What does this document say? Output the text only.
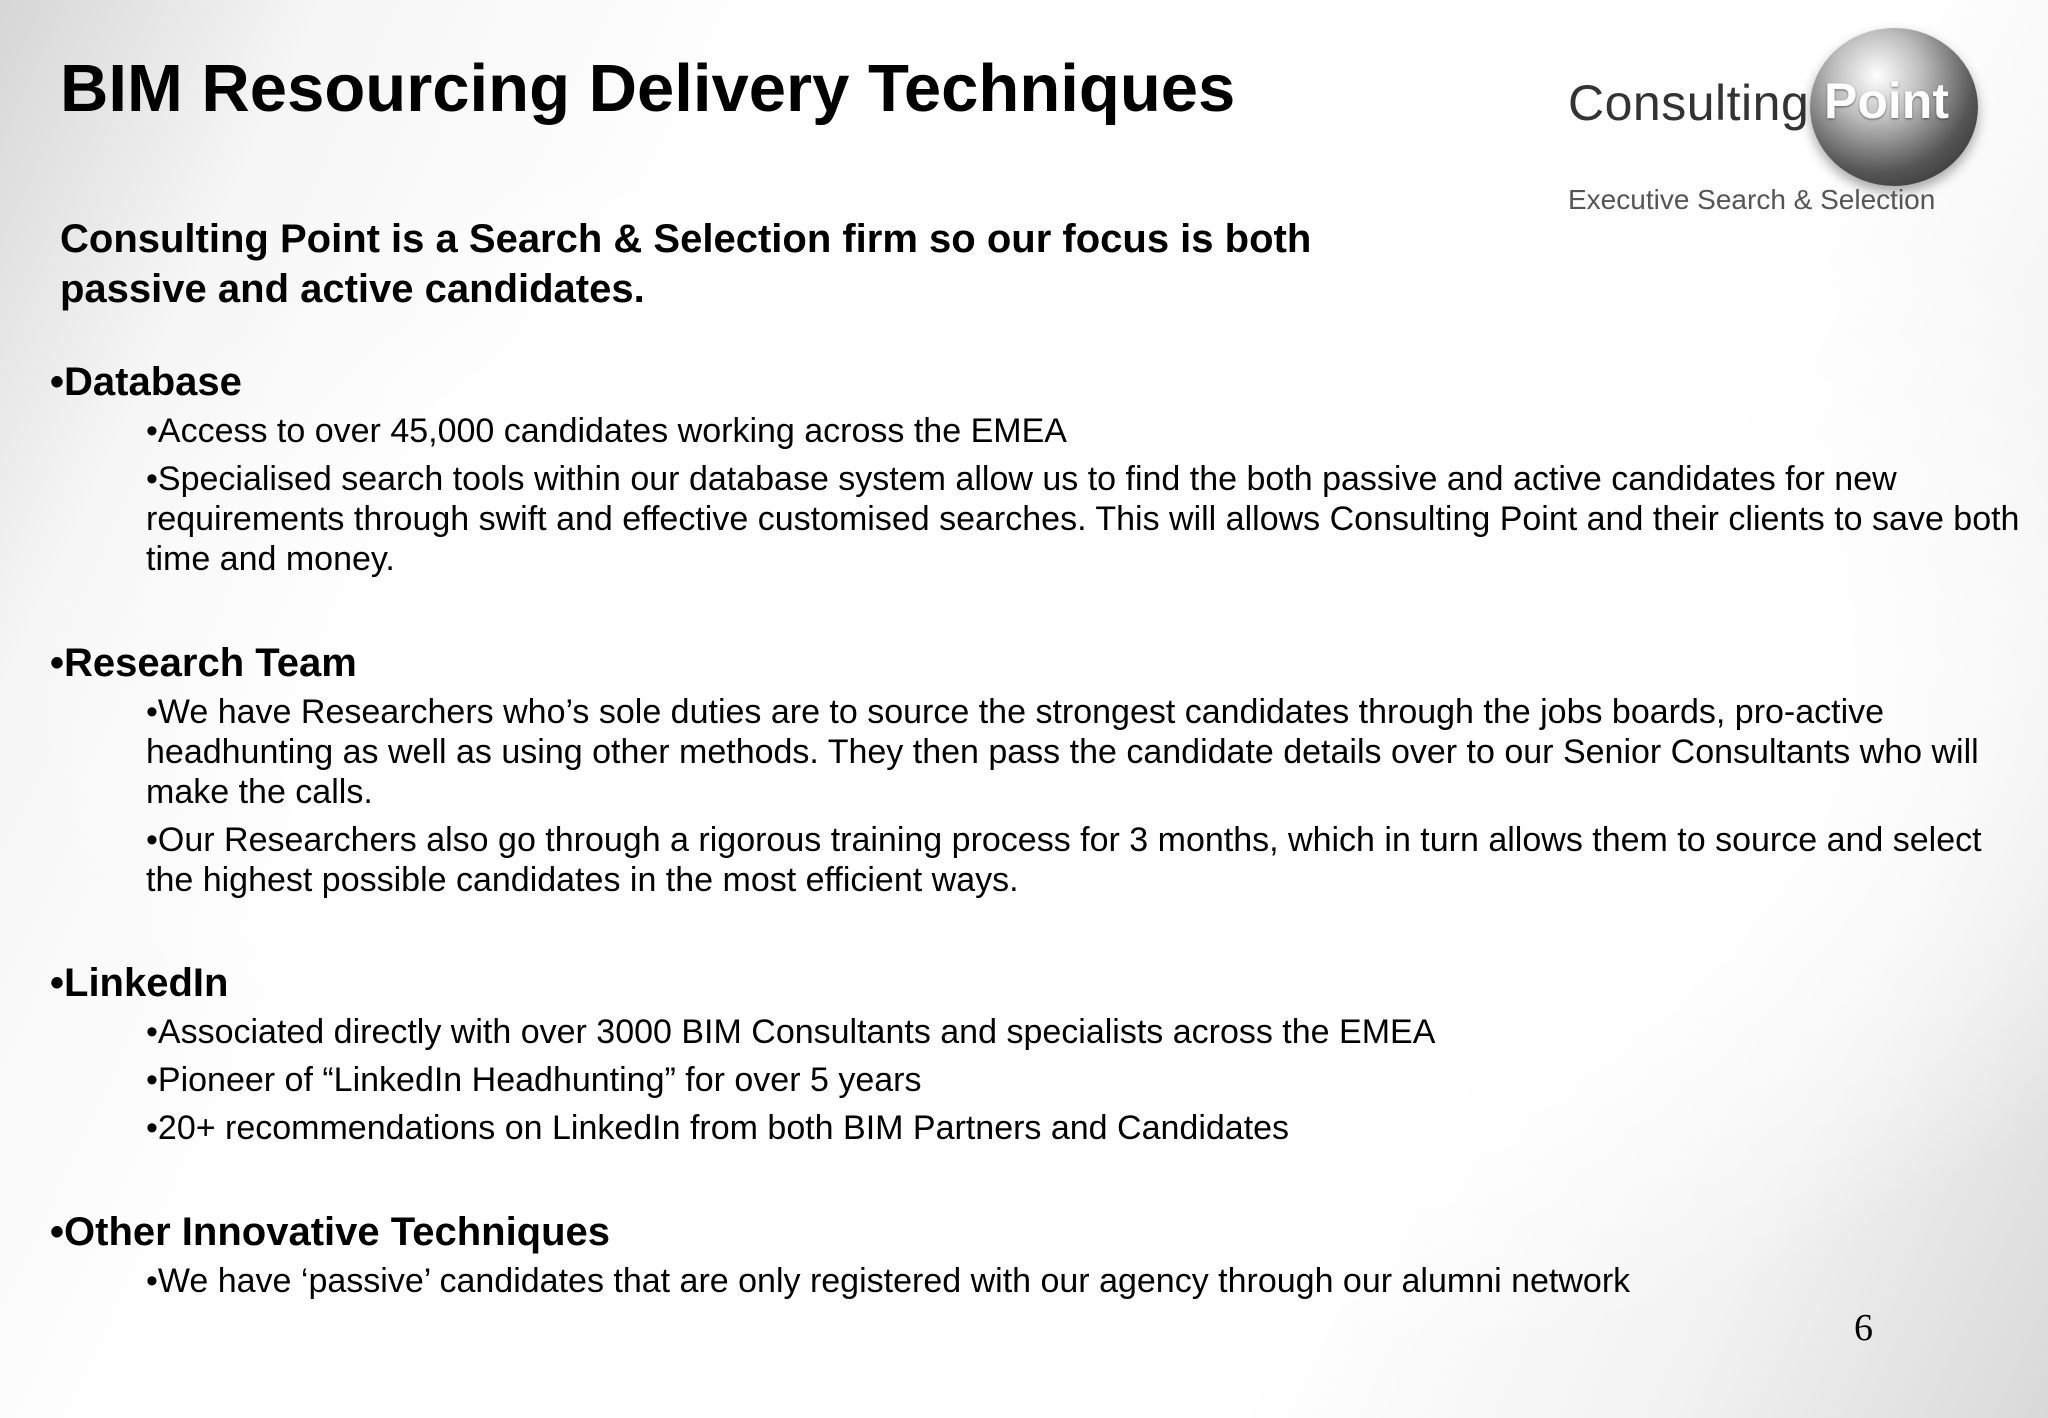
BIM Resourcing Delivery Techniques	Consulting Point
Executive Search & Selection
Consulting Point is a Search & Selection firm so our focus is both passive and active candidates.
•Database
•Access to over 45,000 candidates working across the EMEA
•Specialised search tools within our database system allow us to find the both passive and active candidates for new requirements through swift and effective customised searches. This will allows Consulting Point and their clients to save both time and money.
•Research Team
•We have Researchers who’s sole duties are to source the strongest candidates through the jobs boards, pro-active headhunting as well as using other methods. They then pass the candidate details over to our Senior Consultants who will make the calls.
•Our Researchers also go through a rigorous training process for 3 months, which in turn allows them to source and select the highest possible candidates in the most efficient ways.
•LinkedIn
•Associated directly with over 3000 BIM Consultants and specialists across the EMEA
•Pioneer of “LinkedIn Headhunting” for over 5 years
•20+ recommendations on LinkedIn from both BIM Partners and Candidates
•Other Innovative Techniques
•We have ‘passive’ candidates that are only registered with our agency through our alumni network
6
